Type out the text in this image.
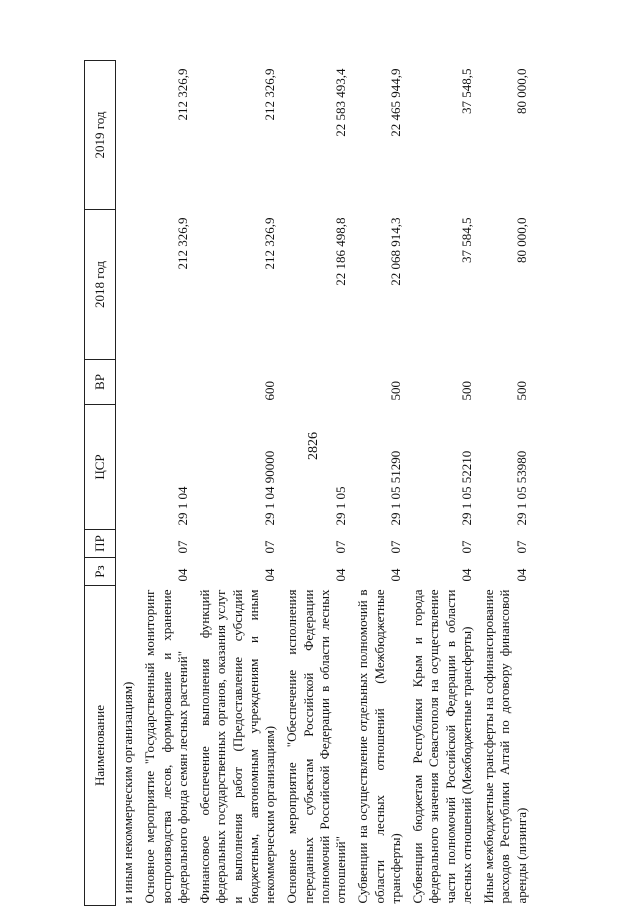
2826
Наименование	Рз	ПР	ЦСР	ВР	2018 год	2019 год
и иным некоммерческим организациям)						
Основное мероприятие "Государственный мониторинг воспроизводства лесов, формирование и хранение федерального фонда семян лесных растений"	04	07	29 1 04		212 326,9	212 326,9
Финансовое обеспечение выполнения функций федеральных государственных органов, оказания услуг и выполнения работ (Предоставление субсидий бюджетным, автономным учреждениям и иным некоммерческим организациям)	04	07	29 1 04 90000	600	212 326,9	212 326,9
Основное мероприятие "Обеспечение исполнения переданных субъектам Российской Федерации полномочий Российской Федерации в области лесных отношений"	04	07	29 1 05		22 186 498,8	22 583 493,4
Субвенции на осуществление отдельных полномочий в области лесных отношений (Межбюджетные трансферты)	04	07	29 1 05 51290	500	22 068 914,3	22 465 944,9
Субвенции бюджетам Республики Крым и города федерального значения Севастополя на осуществление части полномочий Российской Федерации в области лесных отношений (Межбюджетные трансферты)	04	07	29 1 05 52210	500	37 584,5	37 548,5
Иные межбюджетные трансферты на софинансирование расходов Республики Алтай по договору финансовой аренды (лизинга)	04	07	29 1 05 53980	500	80 000,0	80 000,0
